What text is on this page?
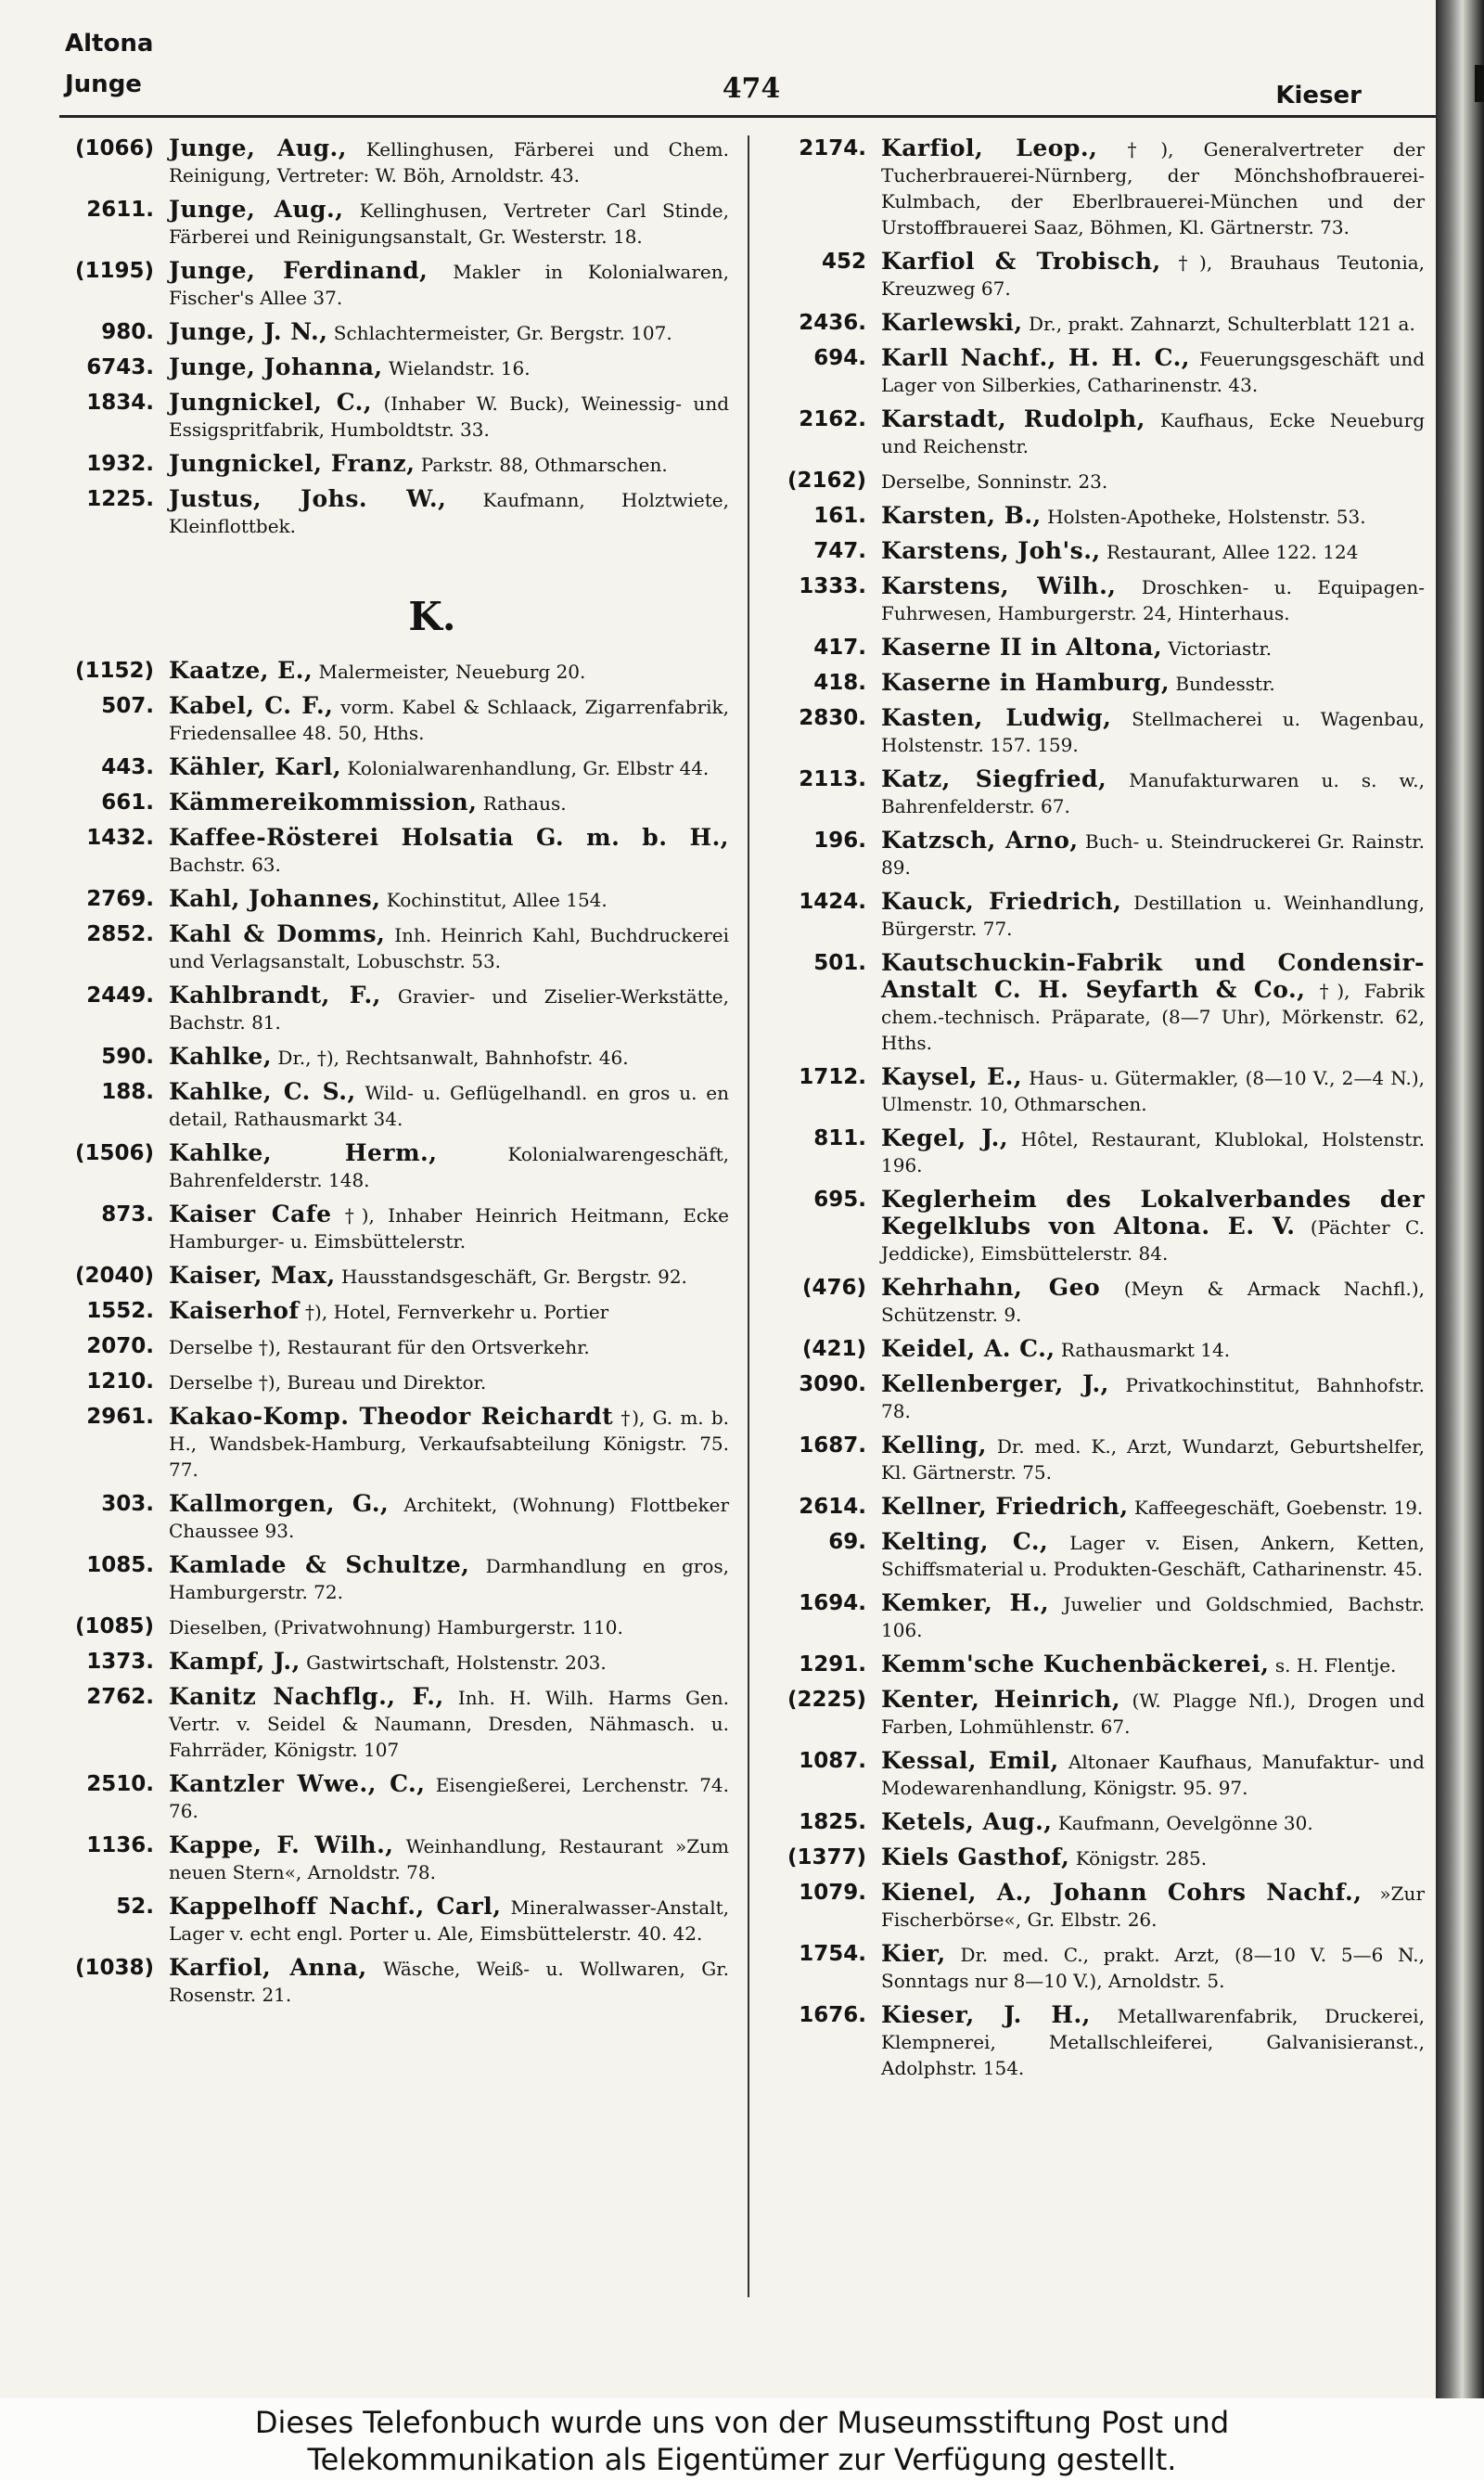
Altona
Junge	474	Kieser
(1066) Junge, Aug., Kellinghusen, Färberei und Chem. Reinigung, Vertreter: W. Böh, Arnoldstr. 43.
2611. Junge, Aug., Kellinghusen, Vertreter Carl Stinde, Färberei und Reinigungsanstalt, Gr. Westerstr. 18.
(1195) Junge, Ferdinand, Makler in Kolonialwaren, Fischer's Allee 37.
980. Junge, J. N., Schlachtermeister, Gr. Bergstr. 107.
6743. Junge, Johanna, Wielandstr. 16.
1834. Jungnickel, C., (Inhaber W. Buck), Weinessig- und Essigspritfabrik, Humboldtstr. 33.
1932. Jungnickel, Franz, Parkstr. 88, Othmarschen.
1225. Justus, Johs. W., Kaufmann, Holztwiete, Kleinflottbek.
K.
(1152) Kaatze, E., Malermeister, Neueburg 20.
507. Kabel, C. F., vorm. Kabel & Schlaack, Zigarrenfabrik, Friedensallee 48. 50, Hths.
443. Kähler, Karl, Kolonialwarenhandlung, Gr. Elbstr 44.
661. Kämmereikommission, Rathaus.
1432. Kaffee-Rösterei Holsatia G. m. b. H., Bachstr. 63.
2769. Kahl, Johannes, Kochinstitut, Allee 154.
2852. Kahl & Domms, Inh. Heinrich Kahl, Buchdruckerei und Verlagsanstalt, Lobuschstr. 53.
2449. Kahlbrandt, F., Gravier- und Ziselier-Werkstätte, Bachstr. 81.
590. Kahlke, Dr., †), Rechtsanwalt, Bahnhofstr. 46.
188. Kahlke, C. S., Wild- u. Geflügelhandl. en gros u. en detail, Rathausmarkt 34.
(1506) Kahlke, Herm., Kolonialwarengeschäft, Bahrenfelderstr. 148.
873. Kaiser Cafe †), Inhaber Heinrich Heitmann, Ecke Hamburger- u. Eimsbüttelerstr.
(2040) Kaiser, Max, Hausstandsgeschäft, Gr. Bergstr. 92.
1552. Kaiserhof †), Hotel, Fernverkehr u. Portier
2070. Derselbe †), Restaurant für den Ortsverkehr.
1210. Derselbe †), Bureau und Direktor.
2961. Kakao-Komp. Theodor Reichardt †), G. m. b. H., Wandsbek-Hamburg, Verkaufsabteilung Königstr. 75. 77.
303. Kallmorgen, G., Architekt, (Wohnung) Flottbeker Chaussee 93.
1085. Kamlade & Schultze, Darmhandlung en gros, Hamburgerstr. 72.
(1085) Dieselben, (Privatwohnung) Hamburgerstr. 110.
1373. Kampf, J., Gastwirtschaft, Holstenstr. 203.
2762. Kanitz Nachflg., F., Inh. H. Wilh. Harms Gen. Vertr. v. Seidel & Naumann, Dresden, Nähmasch. u. Fahrräder, Königstr. 107
2510. Kantzler Wwe., C., Eisengießerei, Lerchenstr. 74. 76.
1136. Kappe, F. Wilh., Weinhandlung, Restaurant »Zum neuen Stern«, Arnoldstr. 78.
52. Kappelhoff Nachf., Carl, Mineralwasser-Anstalt, Lager v. echt engl. Porter u. Ale, Eimsbüttelerstr. 40. 42.
(1038) Karfiol, Anna, Wäsche, Weiß- u. Wollwaren, Gr. Rosenstr. 21.
2174. Karfiol, Leop., †), Generalvertreter der Tucherbrauerei-Nürnberg, der Mönchshofbrauerei-Kulmbach, der Eberlbrauerei-München und der Urstoffbrauerei Saaz, Böhmen, Kl. Gärtnerstr. 73.
452 Karfiol & Trobisch, †), Brauhaus Teutonia, Kreuzweg 67.
2436. Karlewski, Dr., prakt. Zahnarzt, Schulterblatt 121 a.
694. Karll Nachf., H. H. C., Feuerungsgeschäft und Lager von Silberkies, Catharinenstr. 43.
2162. Karstadt, Rudolph, Kaufhaus, Ecke Neueburg und Reichenstr.
(2162) Derselbe, Sonninstr. 23.
161. Karsten, B., Holsten-Apotheke, Holstenstr. 53.
747. Karstens, Joh's., Restaurant, Allee 122. 124
1333. Karstens, Wilh., Droschken- u. Equipagen-Fuhrwesen, Hamburgerstr. 24, Hinterhaus.
417. Kaserne II in Altona, Victoriastr.
418. Kaserne in Hamburg, Bundesstr.
2830. Kasten, Ludwig, Stellmacherei u. Wagenbau, Holstenstr. 157. 159.
2113. Katz, Siegfried, Manufakturwaren u. s. w., Bahrenfelderstr. 67.
196. Katzsch, Arno, Buch- u. Steindruckerei Gr. Rainstr. 89.
1424. Kauck, Friedrich, Destillation u. Weinhandlung, Bürgerstr. 77.
501. Kautschuckin-Fabrik und Condensir-Anstalt C. H. Seyfarth & Co., †), Fabrik chem.-technisch. Präparate, (8—7 Uhr), Mörkenstr. 62, Hths.
1712. Kaysel, E., Haus- u. Gütermakler, (8—10 V., 2—4 N.), Ulmenstr. 10, Othmarschen.
811. Kegel, J., Hôtel, Restaurant, Klublokal, Holstenstr. 196.
695. Keglerheim des Lokalverbandes der Kegelklubs von Altona. E. V. (Pächter C. Jeddicke), Eimsbüttelerstr. 84.
(476) Kehrhahn, Geo (Meyn & Armack Nachfl.), Schützenstr. 9.
(421) Keidel, A. C., Rathausmarkt 14.
3090. Kellenberger, J., Privatkochinstitut, Bahnhofstr. 78.
1687. Kelling, Dr. med. K., Arzt, Wundarzt, Geburtshelfer, Kl. Gärtnerstr. 75.
2614. Kellner, Friedrich, Kaffeegeschäft, Goebenstr. 19.
69. Kelting, C., Lager v. Eisen, Ankern, Ketten, Schiffsmaterial u. Produkten-Geschäft, Catharinenstr. 45.
1694. Kemker, H., Juwelier und Goldschmied, Bachstr. 106.
1291. Kemm'sche Kuchenbäckerei, s. H. Flentje.
(2225) Kenter, Heinrich, (W. Plagge Nfl.), Drogen und Farben, Lohmühlenstr. 67.
1087. Kessal, Emil, Altonaer Kaufhaus, Manufaktur- und Modewarenhandlung, Königstr. 95. 97.
1825. Ketels, Aug., Kaufmann, Oevelgönne 30.
(1377) Kiels Gasthof, Königstr. 285.
1079. Kienel, A., Johann Cohrs Nachf., »Zur Fischerbörse«, Gr. Elbstr. 26.
1754. Kier, Dr. med. C., prakt. Arzt, (8—10 V. 5—6 N., Sonntags nur 8—10 V.), Arnoldstr. 5.
1676. Kieser, J. H., Metallwarenfabrik, Druckerei, Klempnerei, Metallschleiferei, Galvanisieranst., Adolphstr. 154.
Dieses Telefonbuch wurde uns von der Museumsstiftung Post und
Telekommunikation als Eigentümer zur Verfügung gestellt.
